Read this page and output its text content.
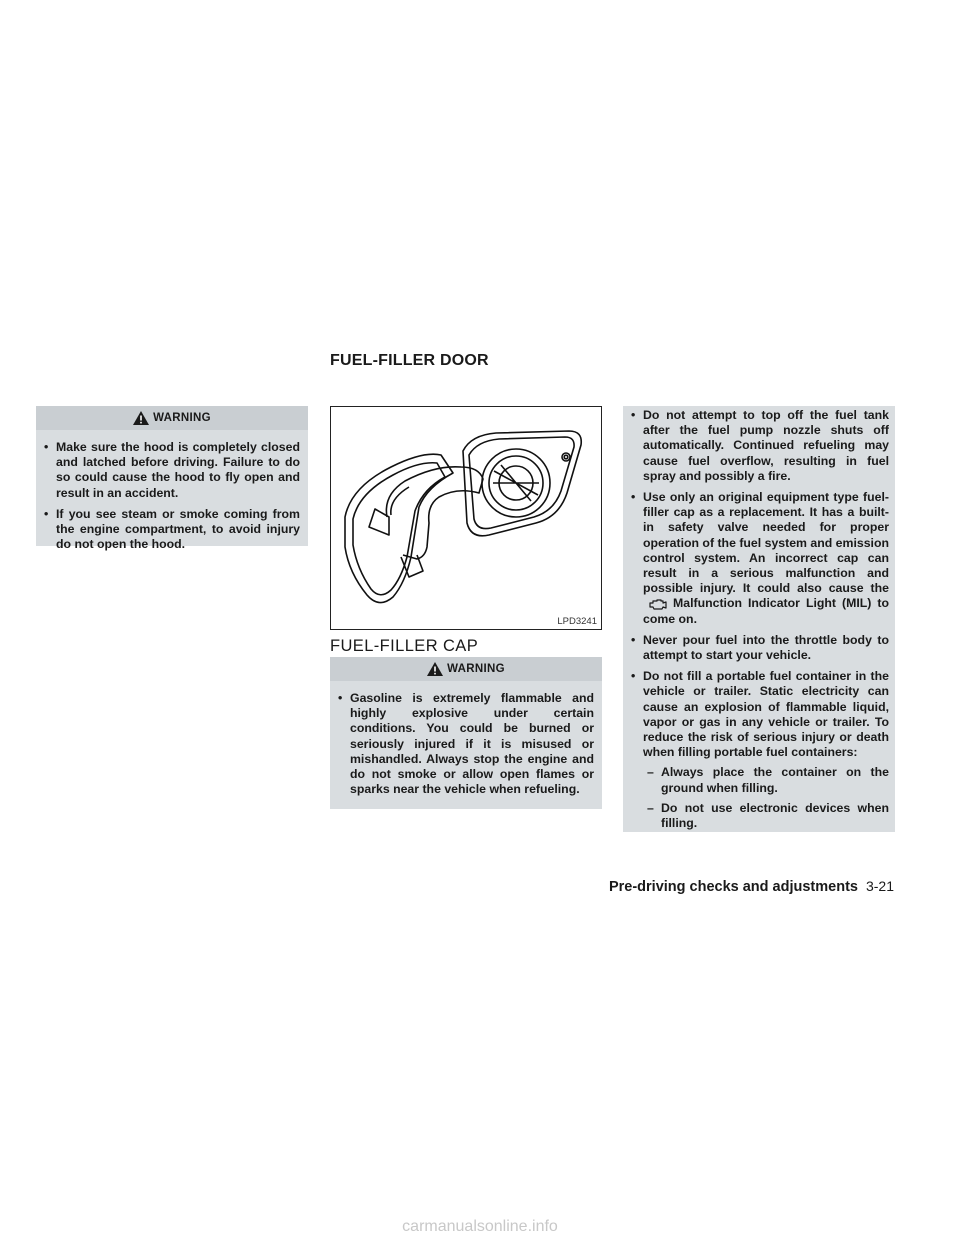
FUEL-FILLER DOOR
WARNING
• Make sure the hood is completely closed and latched before driving. Failure to do so could cause the hood to fly open and result in an accident.
• If you see steam or smoke coming from the engine compartment, to avoid injury do not open the hood.
LPD3241
FUEL-FILLER CAP
WARNING
• Gasoline is extremely flammable and highly explosive under certain conditions. You could be burned or seriously injured if it is misused or mishandled. Always stop the engine and do not smoke or allow open flames or sparks near the vehicle when refueling.
• Do not attempt to top off the fuel tank after the fuel pump nozzle shuts off automatically. Continued refueling may cause fuel overflow, resulting in fuel spray and possibly a fire.
• Use only an original equipment type fuel-filler cap as a replacement. It has a built-in safety valve needed for proper operation of the fuel system and emission control system. An incorrect cap can result in a serious malfunction and possible injury. It could also cause theMalfunction Indicator Light (MIL) to come on.
• Never pour fuel into the throttle body to attempt to start your vehicle.
• Do not fill a portable fuel container in the vehicle or trailer. Static electricity can cause an explosion of flammable liquid, vapor or gas in any vehicle or trailer. To reduce the risk of serious injury or death when filling portable fuel containers:
– Always place the container on the ground when filling.
– Do not use electronic devices when filling.
Pre-driving checks and adjustments 3-21
carmanualsonline.info
